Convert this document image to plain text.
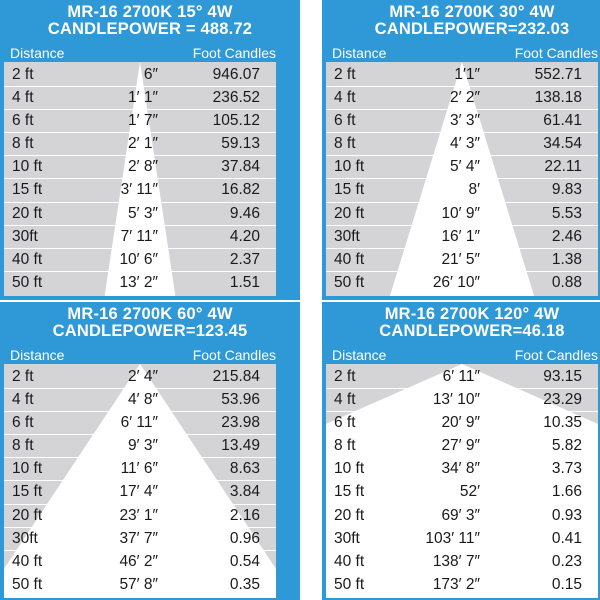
MR-16 2700K 15° 4W
CANDLEPOWER = 488.72
Distance	Foot Candles
2 ft	6″	946.07
4 ft	1′ 1″	236.52
6 ft	1′ 7″	105.12
8 ft	2′ 1″	59.13
10 ft	2′ 8″	37.84
15 ft	3′ 11″	16.82
20 ft	5′ 3″	9.46
30ft	7′ 11″	4.20
40 ft	10′ 6″	2.37
50 ft	13′ 2″	1.51
MR-16 2700K 30° 4W
CANDLEPOWER=232.03
Distance	Foot Candles
2 ft	1′1″	552.71
4 ft	2′ 2″	138.18
6 ft	3′ 3″	61.41
8 ft	4′ 3″	34.54
10 ft	5′ 4″	22.11
15 ft	8′	9.83
20 ft	10′ 9″	5.53
30ft	16′ 1″	2.46
40 ft	21′ 5″	1.38
50 ft	26′ 10″	0.88
MR-16 2700K 60° 4W
CANDLEPOWER=123.45
Distance	Foot Candles
2 ft	2′ 4″	215.84
4 ft	4′ 8″	53.96
6 ft	6′ 11″	23.98
8 ft	9′ 3″	13.49
10 ft	11′ 6″	8.63
15 ft	17′ 4″	3.84
20 ft	23′ 1″	2.16
30ft	37′ 7″	0.96
40 ft	46′ 2″	0.54
50 ft	57′ 8″	0.35
MR-16 2700K 120° 4W
CANDLEPOWER=46.18
Distance	Foot Candles
2 ft	6′ 11″	93.15
4 ft	13′ 10″	23.29
6 ft	20′ 9″	10.35
8 ft	27′ 9″	5.82
10 ft	34′ 8″	3.73
15 ft	52′	1.66
20 ft	69′ 3″	0.93
30ft	103′ 11″	0.41
40 ft	138′ 7″	0.23
50 ft	173′ 2″	0.15
